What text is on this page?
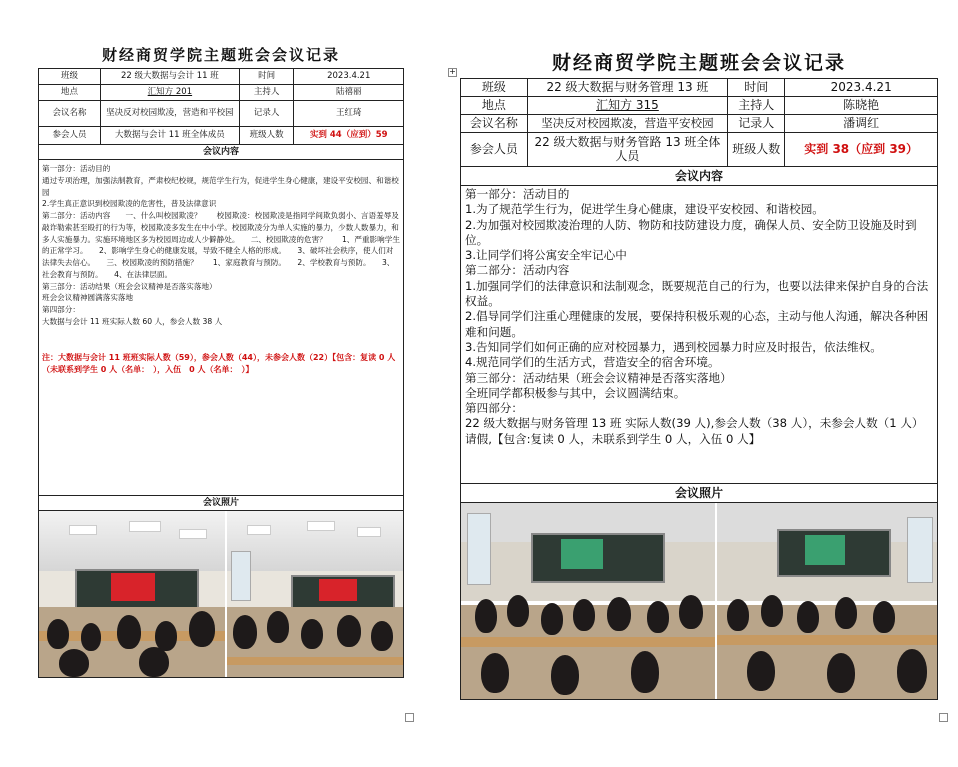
财经商贸学院主题班会会议记录
班级	22 级大数据与会计 11 班	时间	2023.4.21
地点	汇知方 201	主持人	陆禧丽
会议名称	坚决反对校园欺凌，营造和平校园	记录人	王红琦
参会人员	大数据与会计 11 班全体成员	班级人数	实到 44（应到）59
会议内容

第一部分：活动目的

通过专项治理，加强法制教育，严肃校纪校规，规范学生行为，促进学生身心健康，建设平安校园、和谐校园

2.学生真正意识到校园欺凌的危害性，普及法律意识

第二部分：活动内容　　一、什么叫校园欺凌？　　校园欺凌：校园欺凌是指同学间欺负弱小、言语羞辱及敲诈勒索甚至殴打的行为等，校园欺凌多发生在中小学。校园欺凌分为单人实施的暴力，少数人数暴力，和多人实施暴力。实施环境地区多为校园周边或人少僻静处。　　二、校园欺凌的危害？　　1、严重影响学生的正常学习。　　2、影响学生身心的健康发展，导致不健全人格的形成。　　3、破坏社会秩序，使人们对法律失去信心。　　三、校园欺凌的预防措施？　　1、家庭教育与预防。　　2、学校教育与预防。　　3、社会教育与预防。　　4、在法律层面。

第三部分：活动结果（班会会议精神是否落实落地）

班会会议精神圆满落实落地

第四部分：

大数据与会计 11 班实际人数 60 人，参会人数 38 人

注：大数据与会计 11 班班实际人数（59），参会人数（44），未参会人数（22）【包含：复读 0 人（未联系到学生 0 人（名单：　），入伍　0 人（名单：　）】

会议照片
+	财经商贸学院主题班会会议记录
班级	22 级大数据与财务管理 13 班	时间	2023.4.21
地点	汇知方 315	主持人	陈晓艳
会议名称	坚决反对校园欺凌，营造平安校园	记录人	潘调红
参会人员	22 级大数据与财务管路 13 班全体人员	班级人数	实到 38（应到 39）
会议内容

第一部分：活动目的

1.为了规范学生行为，促进学生身心健康，建设平安校园、和谐校园。

2.为加强对校园欺凌治理的人防、物防和技防建设力度，确保人员、安全防卫设施及时到位。

3.让同学们将公寓安全牢记心中

第二部分：活动内容

1.加强同学们的法律意识和法制观念，既要规范自己的行为，也要以法律来保护自身的合法权益。

2.倡导同学们注重心理健康的发展，要保持积极乐观的心态，主动与他人沟通，解决各种困难和问题。

3.告知同学们如何正确的应对校园暴力，遇到校园暴力时应及时报告，依法维权。

4.规范同学们的生活方式，营造安全的宿舍环境。

第三部分：活动结果（班会会议精神是否落实落地）

全班同学都积极参与其中，会议圆满结束。

第四部分：

22 级大数据与财务管理 13 班 实际人数(39 人),参会人数（38 人），未参会人数（1 人）请假,【包含:复读 0 人，未联系到学生 0 人，入伍 0 人】

会议照片
